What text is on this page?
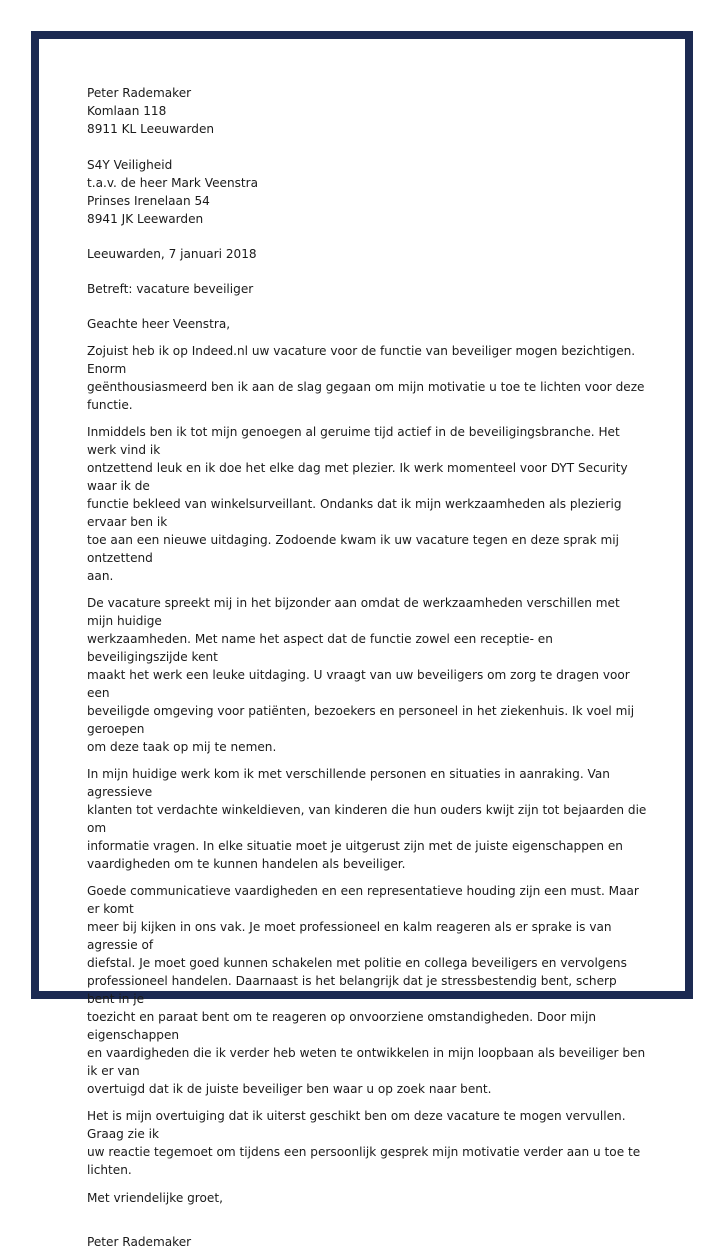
Peter Rademaker
Komlaan 118
8911 KL Leeuwarden
S4Y Veiligheid
t.a.v. de heer Mark Veenstra
Prinses Irenelaan 54
8941 JK Leewarden
Leeuwarden, 7 januari 2018
Betreft: vacature beveiliger
Geachte heer Veenstra,
Zojuist heb ik op Indeed.nl uw vacature voor de functie van beveiliger mogen bezichtigen. Enorm
geënthousiasmeerd ben ik aan de slag gegaan om mijn motivatie u toe te lichten voor deze functie.
Inmiddels ben ik tot mijn genoegen al geruime tijd actief in de beveiligingsbranche. Het werk vind ik
ontzettend leuk en ik doe het elke dag met plezier. Ik werk momenteel voor DYT Security waar ik de
functie bekleed van winkelsurveillant. Ondanks dat ik mijn werkzaamheden als plezierig ervaar ben ik
toe aan een nieuwe uitdaging. Zodoende kwam ik uw vacature tegen en deze sprak mij ontzettend
aan.
De vacature spreekt mij in het bijzonder aan omdat de werkzaamheden verschillen met mijn huidige
werkzaamheden. Met name het aspect dat de functie zowel een receptie- en beveiligingszijde kent
maakt het werk een leuke uitdaging. U vraagt van uw beveiligers om zorg te dragen voor een
beveiligde omgeving voor patiënten, bezoekers en personeel in het ziekenhuis. Ik voel mij geroepen
om deze taak op mij te nemen.
In mijn huidige werk kom ik met verschillende personen en situaties in aanraking. Van agressieve
klanten tot verdachte winkeldieven, van kinderen die hun ouders kwijt zijn tot bejaarden die om
informatie vragen. In elke situatie moet je uitgerust zijn met de juiste eigenschappen en
vaardigheden om te kunnen handelen als beveiliger.
Goede communicatieve vaardigheden en een representatieve houding zijn een must. Maar er komt
meer bij kijken in ons vak. Je moet professioneel en kalm reageren als er sprake is van agressie of
diefstal. Je moet goed kunnen schakelen met politie en collega beveiligers en vervolgens
professioneel handelen. Daarnaast is het belangrijk dat je stressbestendig bent, scherp bent in je
toezicht en paraat bent om te reageren op onvoorziene omstandigheden. Door mijn eigenschappen
en vaardigheden die ik verder heb weten te ontwikkelen in mijn loopbaan als beveiliger ben ik er van
overtuigd dat ik de juiste beveiliger ben waar u op zoek naar bent.
Het is mijn overtuiging dat ik uiterst geschikt ben om deze vacature te mogen vervullen. Graag zie ik
uw reactie tegemoet om tijdens een persoonlijk gesprek mijn motivatie verder aan u toe te lichten.
Met vriendelijke groet,
Peter Rademaker
